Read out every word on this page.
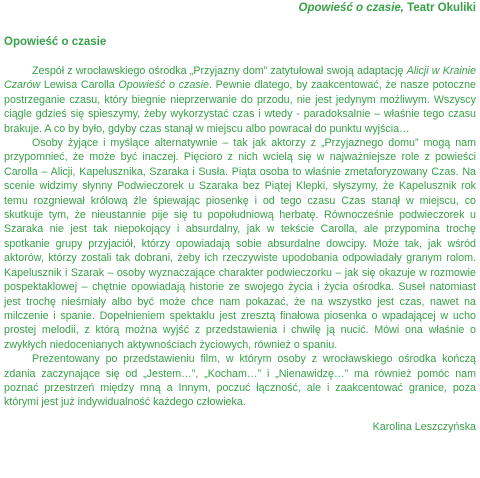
Opowieść o czasie, Teatr Okuliki
Opowieść o czasie

Zespół z wrocławskiego ośrodka „Przyjazny dom” zatytułował swoją adaptację Alicji w Krainie Czarów Lewisa Carolla Opowieść o czasie. Pewnie dlatego, by zaakcentować, że nasze potoczne postrzeganie czasu, który biegnie nieprzerwanie do przodu, nie jest jedynym możliwym. Wszyscy ciągle gdzieś się spieszymy, żeby wykorzystać czas i wtedy - paradoksalnie – właśnie tego czasu brakuje. A co by było, gdyby czas stanął w miejscu albo powracał do punktu wyjścia…

Osoby żyjące i myślące alternatywnie – tak jak aktorzy z „Przyjaznego domu” mogą nam przypomnieć, że może być inaczej. Pięcioro z nich wcielą się w najważniejsze role z powieści Carolla – Alicji, Kapelusznika, Szaraka i Susła. Piąta osoba to właśnie zmetaforyzowany Czas. Na scenie widzimy słynny Podwieczorek u Szaraka bez Piątej Klepki, słyszymy, że Kapelusznik rok temu rozgniewał królową źle śpiewając piosenkę i od tego czasu Czas stanął w miejscu, co skutkuje tym, że nieustannie pije się tu popołudniową herbatę. Równocześnie podwieczorek u Szaraka nie jest tak niepokojący i absurdalny, jak w tekście Carolla, ale przypomina trochę spotkanie grupy przyjaciół, którzy opowiadają sobie absurdalne dowcipy. Może tak, jak wśród aktorów, którzy zostali tak dobrani, żeby ich rzeczywiste upodobania odpowiadały granym rolom. Kapelusznik i Szarak – osoby wyznaczające charakter podwieczorku – jak się okazuje w rozmowie pospektaklowej – chętnie opowiadają historie ze swojego życia i życia ośrodka. Suseł natomiast jest trochę nieśmiały albo być może chce nam pokazać, że na wszystko jest czas, nawet na milczenie i spanie. Dopełnieniem spektaklu jest zresztą finałowa piosenka o wpadającej w ucho prostej melodii, z którą można wyjść z przedstawienia i chwilę ją nucić. Mówi ona właśnie o zwykłych niedocenianych aktywnościach życiowych, również o spaniu.

Prezentowany po przedstawieniu film, w którym osoby z wrocławskiego ośrodka kończą zdania zaczynające się od „Jestem…”, „Kocham…” i „Nienawidzę…” ma również pomóc nam poznać przestrzeń między mną a Innym, poczuć łączność, ale i zaakcentować granice, poza którymi jest już indywidualność każdego człowieka.

Karolina Leszczyńska
